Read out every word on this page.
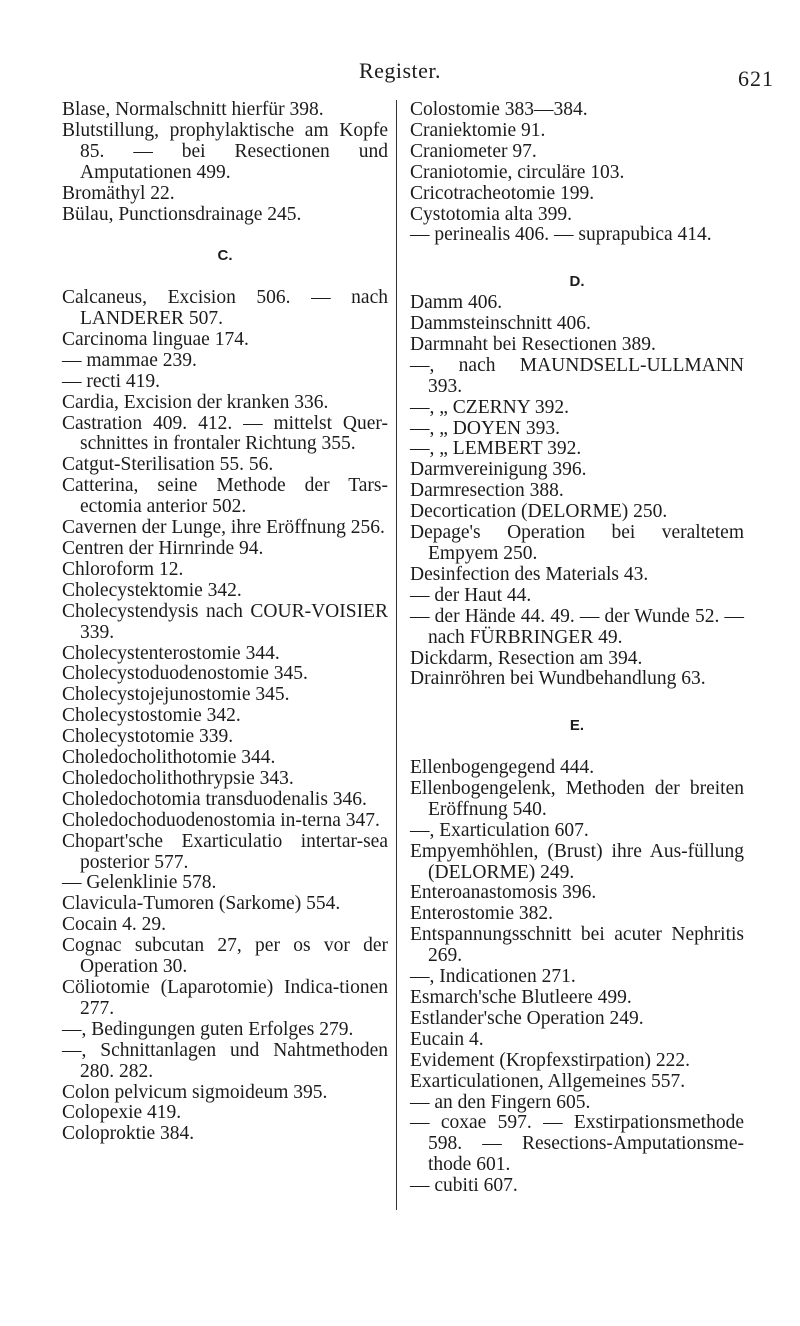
Register.	621
Blase, Normalschnitt hierfür 398.
Blutstillung, prophylaktische am Kopfe 85. — bei Resectionen und Amputationen 499.
Bromäthyl 22.
Bülau, Punctionsdrainage 245.
C.
Calcaneus, Excision 506. — nach LANDERER 507.
Carcinoma linguae 174.
— mammae 239.
— recti 419.
Cardia, Excision der kranken 336.
Castration 409. 412. — mittelst Quer-schnittes in frontaler Richtung 355.
Catgut-Sterilisation 55. 56.
Catterina, seine Methode der Tars-ectomia anterior 502.
Cavernen der Lunge, ihre Eröffnung 256.
Centren der Hirnrinde 94.
Chloroform 12.
Cholecystektomie 342.
Cholecystendysis nach COUR-VOISIER 339.
Cholecystenterostomie 344.
Cholecystoduodenostomie 345.
Cholecystojejunostomie 345.
Cholecystostomie 342.
Cholecystotomie 339.
Choledocholithotomie 344.
Choledocholithothrypsie 343.
Choledochotomia transduodenalis 346.
Choledochoduodenostomia in-terna 347.
Chopart'sche Exarticulatio intertar-sea posterior 577.
— Gelenklinie 578.
Clavicula-Tumoren (Sarkome) 554.
Cocain 4. 29.
Cognac subcutan 27, per os vor der Operation 30.
Cöliotomie (Laparotomie) Indica-tionen 277.
—, Bedingungen guten Erfolges 279.
—, Schnittanlagen und Nahtmethoden 280. 282.
Colon pelvicum sigmoideum 395.
Colopexie 419.
Coloproktie 384.
Colostomie 383—384.
Craniektomie 91.
Craniometer 97.
Craniotomie, circuläre 103.
Cricotracheotomie 199.
Cystotomia alta 399.
— perinealis 406. — suprapubica 414.
D.
Damm 406.
Dammsteinschnitt 406.
Darmnaht bei Resectionen 389.
—, nach MAUNDSELL-ULLMANN 393.
—, „ CZERNY 392.
—, „ DOYEN 393.
—, „ LEMBERT 392.
Darmvereinigung 396.
Darmresection 388.
Decortication (DELORME) 250.
Depage's Operation bei veraltetem Empyem 250.
Desinfection des Materials 43.
— der Haut 44.
— der Hände 44. 49. — der Wunde 52. — nach FÜRBRINGER 49.
Dickdarm, Resection am 394.
Drainröhren bei Wundbehandlung 63.
E.
Ellenbogengegend 444.
Ellenbogengelenk, Methoden der breiten Eröffnung 540.
—, Exarticulation 607.
Empyemhöhlen, (Brust) ihre Aus-füllung (DELORME) 249.
Enteroanastomosis 396.
Enterostomie 382.
Entspannungsschnitt bei acuter Nephritis 269.
—, Indicationen 271.
Esmarch'sche Blutleere 499.
Estlander'sche Operation 249.
Eucain 4.
Evidement (Kropfexstirpation) 222.
Exarticulationen, Allgemeines 557.
— an den Fingern 605.
— coxae 597. — Exstirpationsmethode 598. — Resections-Amputationsme-thode 601.
— cubiti 607.
